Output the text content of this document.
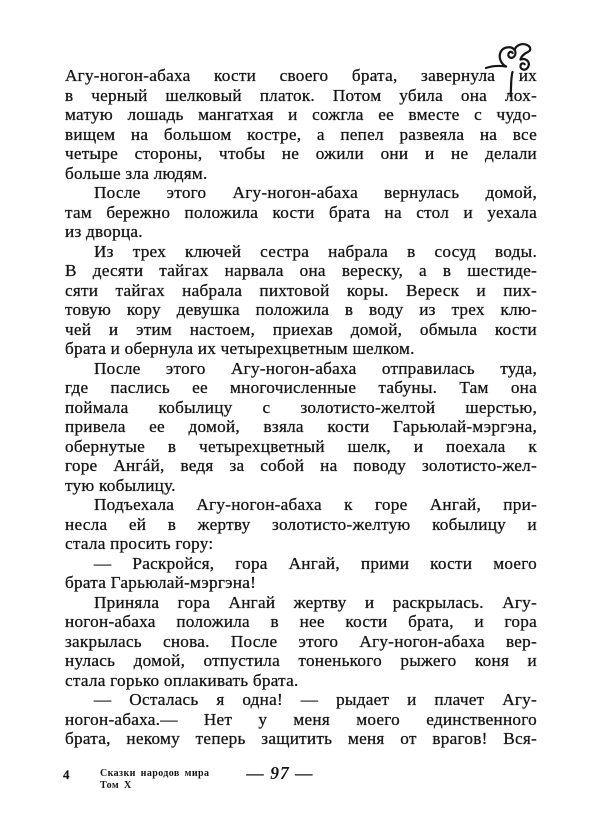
Агу-ногон-абаха кости своего брата, завернула их
в черный шелковый платок. Потом убила она лох-
матую лошадь мангатхая и сожгла ее вместе с чудо-
вищем на большом костре, а пепел развеяла на все
четыре стороны, чтобы не ожили они и не делали
больше зла людям.
После этого Агу-ногон-абаха вернулась домой,
там бережно положила кости брата на стол и уехала
из дворца.
Из трех ключей сестра набрала в сосуд воды.
В десяти тайгах нарвала она вереску, а в шестиде-
сяти тайгах набрала пихтовой коры. Вереск и пих-
товую кору девушка положила в воду из трех клю-
чей и этим настоем, приехав домой, обмыла кости
брата и обернула их четырехцветным шелком.
После этого Агу-ногон-абаха отправилась туда,
где паслись ее многочисленные табуны. Там она
поймала кобылицу с золотисто-желтой шерстью,
привела ее домой, взяла кости Гарьюлай-мэргэна,
обернутые в четырехцветный шелк, и поехала к
горе Ангáй, ведя за собой на поводу золотисто-жел-
тую кобылицу.
Подъехала Агу-ногон-абаха к горе Ангай, при-
несла ей в жертву золотисто-желтую кобылицу и
стала просить гору:
— Раскройся, гора Ангай, прими кости моего
брата Гарьюлай-мэргэна!
Приняла гора Ангай жертву и раскрылась. Агу-
ногон-абаха положила в нее кости брата, и гора
закрылась снова. После этого Агу-ногон-абаха вер-
нулась домой, отпустила тоненького рыжего коня и
стала горько оплакивать брата.
— Осталась я одна! — рыдает и плачет Агу-
ногон-абаха.— Нет у меня моего единственного
брата, некому теперь защитить меня от врагов! Вся-
4	Сказки народов мира
Том X
— 97 —
